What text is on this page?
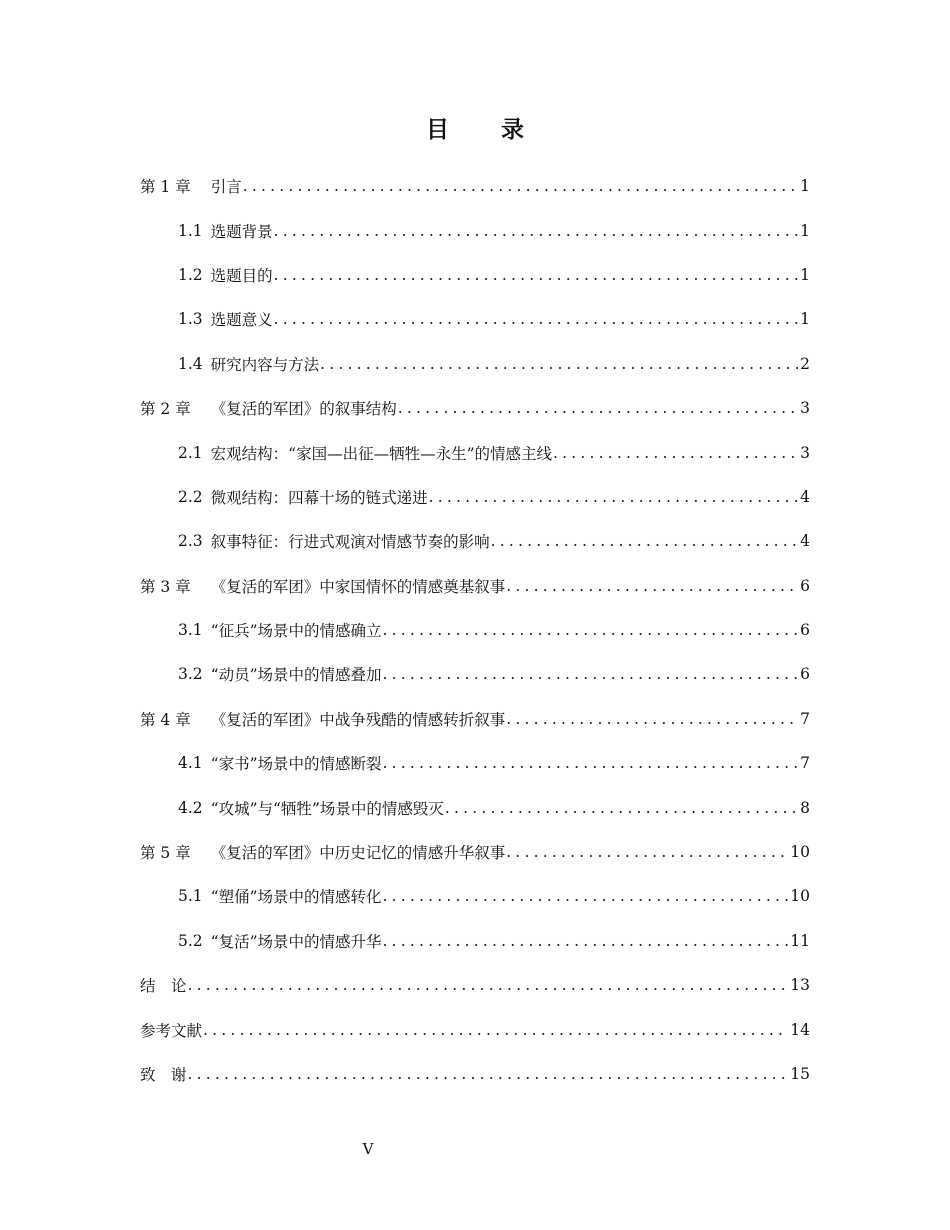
目 录
第 1 章 引言 .....	1
1.1 选题背景 .....	1
1.2 选题目的 .....	1
1.3 选题意义 .....	1
1.4 研究内容与方法 .....	2
第 2 章 《复活的军团》的叙事结构 .....	3
2.1 宏观结构：“家国—出征—牺牲—永生”的情感主线 .....	3
2.2 微观结构：四幕十场的链式递进 .....	4
2.3 叙事特征：行进式观演对情感节奏的影响 .....	4
第 3 章 《复活的军团》中家国情怀的情感奠基叙事 .....	6
3.1 “征兵”场景中的情感确立 .....	6
3.2 “动员”场景中的情感叠加 .....	6
第 4 章 《复活的军团》中战争残酷的情感转折叙事 .....	7
4.1 “家书”场景中的情感断裂 .....	7
4.2 “攻城”与“牺牲”场景中的情感毁灭 .....	8
第 5 章 《复活的军团》中历史记忆的情感升华叙事 .....	10
5.1 “塑俑”场景中的情感转化 .....	10
5.2 “复活”场景中的情感升华 .....	11
结　论 .....	13
参考文献 .....	14
致　谢 .....	15
V
